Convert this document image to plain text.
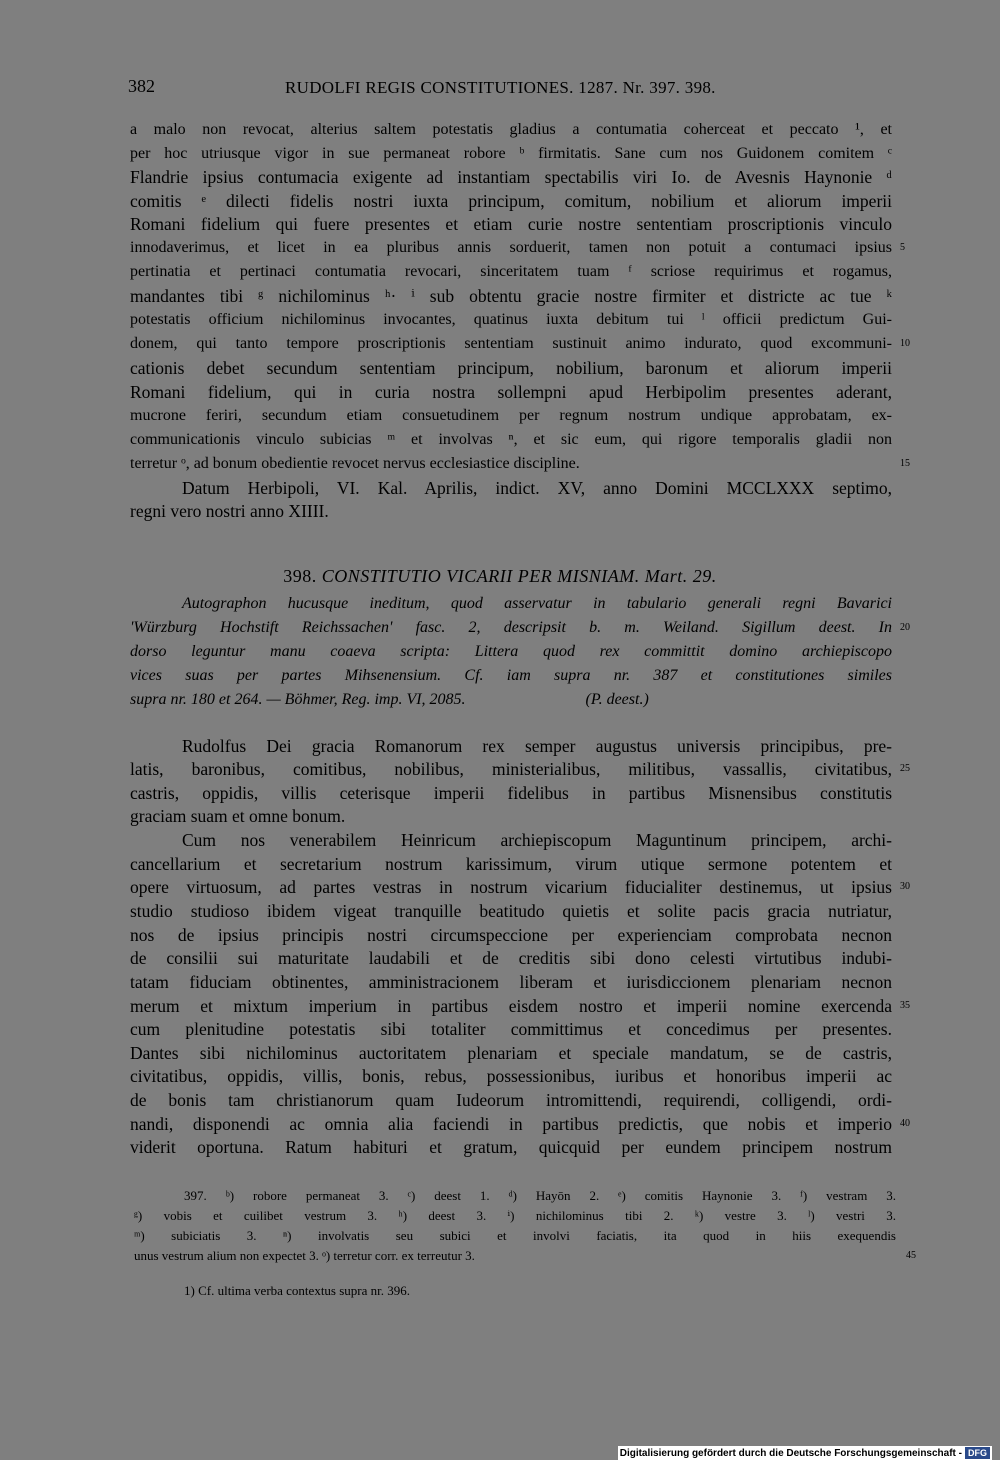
382	RUDOLFI REGIS CONSTITUTIONES. 1287. Nr. 397. 398.
a malo non revocat, alterius saltem potestatis gladius a contumatia coherceat et peccato ¹, et
per hoc utriusque vigor in sue permaneat robore ᵇ firmitatis. Sane cum nos Guidonem comitem ᶜ
Flandrie ipsius contumacia exigente ad instantiam spectabilis viri Io. de Avesnis Haynonie ᵈ
comitis ᵉ dilecti fidelis nostri iuxta principum, comitum, nobilium et aliorum imperii
Romani fidelium qui fuere presentes et etiam curie nostre sententiam proscriptionis vinculo
innodaverimus, et licet in ea pluribus annis sorduerit, tamen non potuit a contumaci ipsius
pertinatia et pertinaci contumatia revocari, sinceritatem tuam ᶠ scriose requirimus et rogamus,
mandantes tibi ᵍ nichilominus ʰ· ⁱ sub obtentu gracie nostre firmiter et districte ac tue ᵏ
potestatis officium nichilominus invocantes, quatinus iuxta debitum tui ˡ officii predictum Gui-
donem, qui tanto tempore proscriptionis sententiam sustinuit animo indurato, quod excommuni-
cationis debet secundum sententiam principum, nobilium, baronum et aliorum imperii
Romani fidelium, qui in curia nostra sollempni apud Herbipolim presentes aderant,
mucrone feriri, secundum etiam consuetudinem per regnum nostrum undique approbatam, ex-
communicationis vinculo subicias ᵐ et involvas ⁿ, et sic eum, qui rigore temporalis gladii non
terretur ᵒ, ad bonum obedientie revocet nervus ecclesiastice discipline.
Datum Herbipoli, VI. Kal. Aprilis, indict. XV, anno Domini MCCLXXX septimo,
regni vero nostri anno XIIII.
5
10
15
398. CONSTITUTIO VICARII PER MISNIAM. Mart. 29.
Autographon hucusque ineditum, quod asservatur in tabulario generali regni Bavarici
'Würzburg Hochstift Reichssachen' fasc. 2, descripsit b. m. Weiland. Sigillum deest. In
dorso leguntur manu coaeva scripta: Littera quod rex committit domino archiepiscopo
vices suas per partes Mihsenensium. Cf. iam supra nr. 387 et constitutiones similes
supra nr. 180 et 264. — Böhmer, Reg. imp. VI, 2085.                              (P. deest.)
20
Rudolfus Dei gracia Romanorum rex semper augustus universis principibus, pre-
latis, baronibus, comitibus, nobilibus, ministerialibus, militibus, vassallis, civitatibus,
castris, oppidis, villis ceterisque imperii fidelibus in partibus Misnensibus constitutis
graciam suam et omne bonum.
Cum nos venerabilem Heinricum archiepiscopum Maguntinum principem, archi-
cancellarium et secretarium nostrum karissimum, virum utique sermone potentem et
opere virtuosum, ad partes vestras in nostrum vicarium fiducialiter destinemus, ut ipsius
studio studioso ibidem vigeat tranquille beatitudo quietis et solite pacis gracia nutriatur,
nos de ipsius principis nostri circumspeccione per experienciam comprobata necnon
de consilii sui maturitate laudabili et de creditis sibi dono celesti virtutibus indubi-
tatam fiduciam obtinentes, amministracionem liberam et iurisdiccionem plenariam necnon
merum et mixtum imperium in partibus eisdem nostro et imperii nomine exercenda
cum plenitudine potestatis sibi totaliter committimus et concedimus per presentes.
Dantes sibi nichilominus auctoritatem plenariam et speciale mandatum, se de castris,
civitatibus, oppidis, villis, bonis, rebus, possessionibus, iuribus et honoribus imperii ac
de bonis tam christianorum quam Iudeorum intromittendi, requirendi, colligendi, ordi-
nandi, disponendi ac omnia alia faciendi in partibus predictis, que nobis et imperio
viderit oportuna. Ratum habituri et gratum, quicquid per eundem principem nostrum
25
30
35
40
397. ᵇ) robore permaneat 3. ᶜ) deest 1. ᵈ) Hayōn 2. ᵉ) comitis Haynonie 3. ᶠ) vestram 3.
ᵍ) vobis et cuilibet vestrum 3. ʰ) deest 3. ⁱ) nichilominus tibi 2. ᵏ) vestre 3. ˡ) vestri 3.
ᵐ) subiciatis 3. ⁿ) involvatis seu subici et involvi faciatis, ita quod in hiis exequendis
unus vestrum alium non expectet 3. ᵒ) terretur corr. ex terreutur 3.	45
1) Cf. ultima verba contextus supra nr. 396.
Digitalisierung gefördert durch die Deutsche Forschungsgemeinschaft - DFG
